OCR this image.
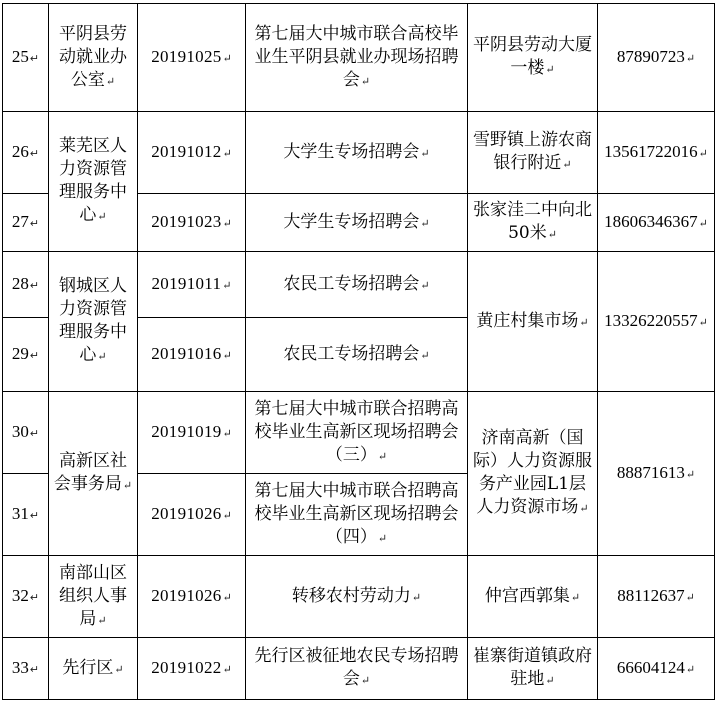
25↵	平阴县劳动就业办公室↵	20191025↵	第七届大中城市联合高校毕业生平阴县就业办现场招聘会↵	平阴县劳动大厦一楼↵	87890723↵
26↵	莱芜区人力资源管理服务中心↵	20191012↵	大学生专场招聘会↵	雪野镇上游农商银行附近↵	13561722016↵
27↵		20191023↵	大学生专场招聘会↵	张家洼二中向北50米↵	18606346367↵
28↵	钢城区人力资源管理服务中心↵	20191011↵	农民工专场招聘会↵	黄庄村集市场↵	13326220557↵
29↵		20191016↵	农民工专场招聘会↵		
30↵	高新区社会事务局↵	20191019↵	第七届大中城市联合招聘高校毕业生高新区现场招聘会（三）↵	济南高新（国际）人力资源服务产业园L1层人力资源市场↵	88871613↵
31↵		20191026↵	第七届大中城市联合招聘高校毕业生高新区现场招聘会（四）↵		
32↵	南部山区组织人事局↵	20191026↵	转移农村劳动力↵	仲宫西郭集↵	88112637↵
33↵	先行区↵	20191022↵	先行区被征地农民专场招聘会↵	崔寨街道镇政府驻地↵	66604124↵
